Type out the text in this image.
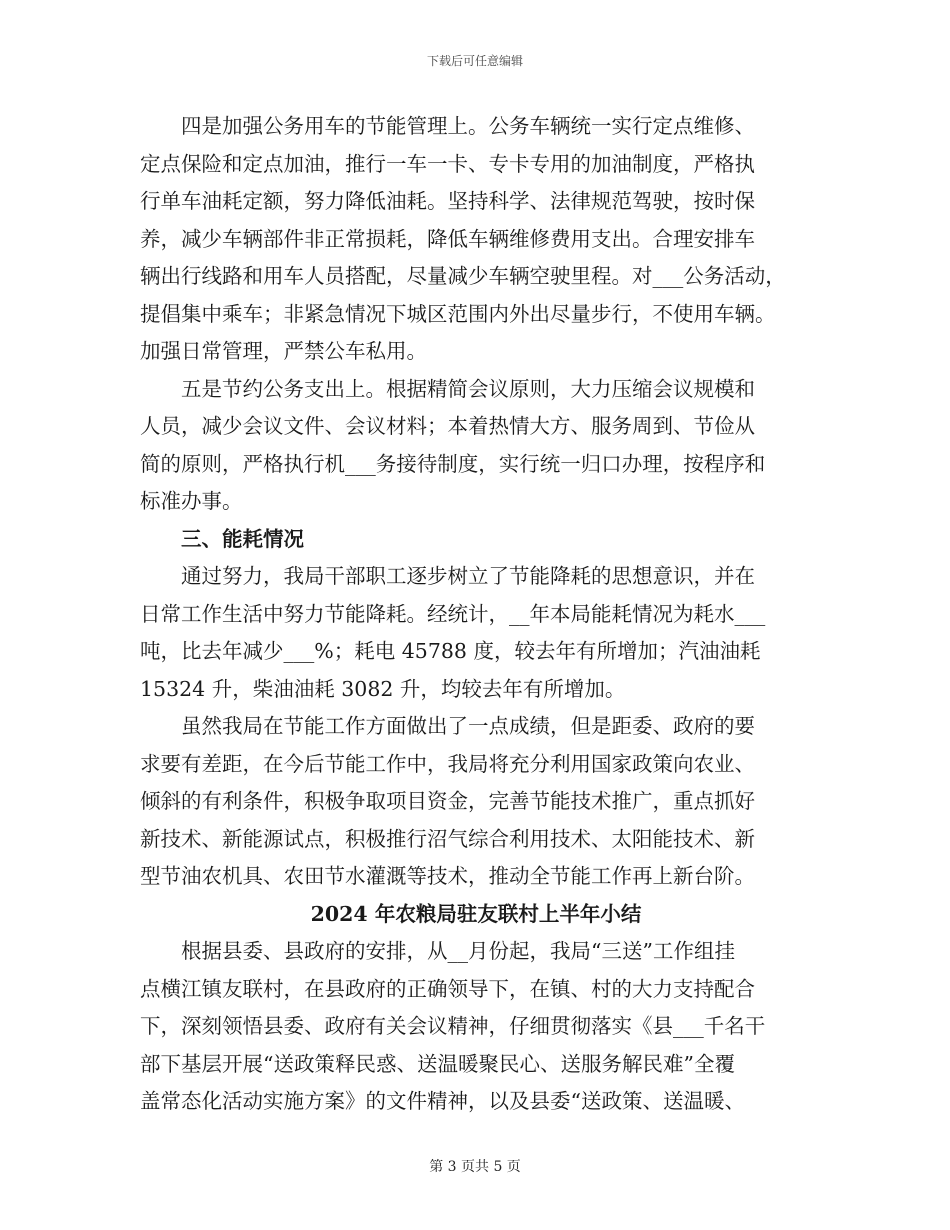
下载后可任意编辑
四是加强公务用车的节能管理上。公务车辆统一实行定点维修、
定点保险和定点加油，推行一车一卡、专卡专用的加油制度，严格执
行单车油耗定额，努力降低油耗。坚持科学、法律规范驾驶，按时保
养，减少车辆部件非正常损耗，降低车辆维修费用支出。合理安排车
辆出行线路和用车人员搭配，尽量减少车辆空驶里程。对___公务活动，
提倡集中乘车；非紧急情况下城区范围内外出尽量步行，不使用车辆。
加强日常管理，严禁公车私用。
五是节约公务支出上。根据精简会议原则，大力压缩会议规模和
人员，减少会议文件、会议材料；本着热情大方、服务周到、节俭从
简的原则，严格执行机___务接待制度，实行统一归口办理，按程序和
标准办事。
三、能耗情况
通过努力，我局干部职工逐步树立了节能降耗的思想意识，并在
日常工作生活中努力节能降耗。经统计，__年本局能耗情况为耗水___
吨，比去年减少___%；耗电 45788 度，较去年有所增加；汽油油耗
15324 升，柴油油耗 3082 升，均较去年有所增加。
虽然我局在节能工作方面做出了一点成绩，但是距委、政府的要
求要有差距，在今后节能工作中，我局将充分利用国家政策向农业、
倾斜的有利条件，积极争取项目资金，完善节能技术推广，重点抓好
新技术、新能源试点，积极推行沼气综合利用技术、太阳能技术、新
型节油农机具、农田节水灌溉等技术，推动全节能工作再上新台阶。
2024 年农粮局驻友联村上半年小结
根据县委、县政府的安排，从__月份起，我局“三送”工作组挂
点横江镇友联村，在县政府的正确领导下，在镇、村的大力支持配合
下，深刻领悟县委、政府有关会议精神，仔细贯彻落实《县___千名干
部下基层开展“送政策释民惑、送温暖聚民心、送服务解民难”全覆
盖常态化活动实施方案》的文件精神，以及县委“送政策、送温暖、
第 3 页共 5 页
